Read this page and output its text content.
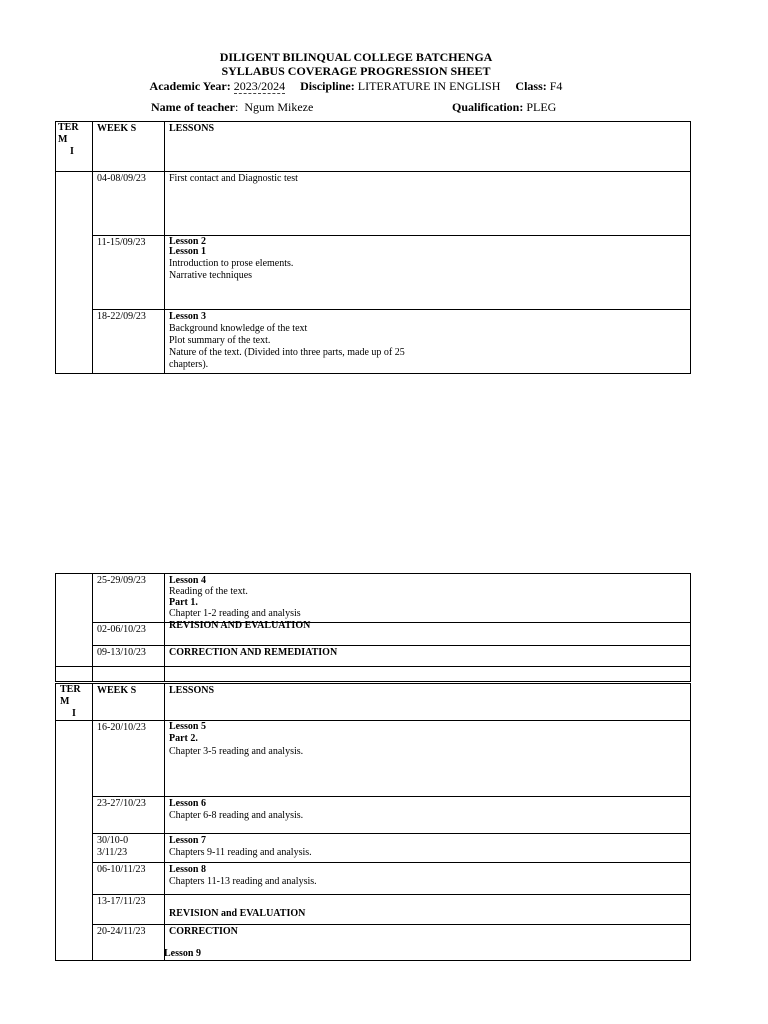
DILIGENT BILINQUAL COLLEGE BATCHENGA
SYLLABUS COVERAGE PROGRESSION SHEET
Academic Year: 2023/2024 Discipline: LITERATURE IN ENGLISH Class: F4
Name of teacher:  Ngum Mikeze	Qualification: PLEG
TER
M
I	WEEK S	LESSONS
	04-08/09/23	First contact and Diagnostic test

	11-15/09/23	Lesson 2
Lesson 1
Introduction to prose elements.
Narrative techniques

	18-22/09/23	Lesson 3
Background knowledge of the text
Plot summary of the text.
Nature of the text. (Divided into three parts, made up of 25
chapters).
	25-29/09/23	Lesson 4
Reading of the text.
Part 1.
Chapter 1-2 reading and analysis

	02-06/10/23	REVISION AND EVALUATION

	09-13/10/23	CORRECTION AND REMEDIATION

TER
M
I	WEEK S	LESSONS
	16-20/10/23	Lesson 5
Part 2.
Chapter 3-5 reading and analysis.

	23-27/10/23	Lesson 6
Chapter 6-8 reading and analysis.

	30/10-03/11/23	Lesson 7
Chapters 9-11 reading and analysis.

	06-10/11/23	Lesson 8
Chapters 11-13 reading and analysis.

	13-17/11/23	REVISION and EVALUATION

	20-24/11/23	CORRECTION
Lesson 9
